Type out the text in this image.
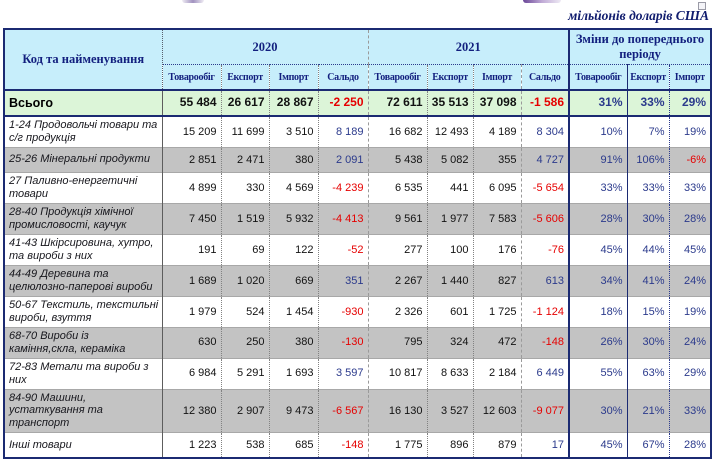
мільйонів доларів США
Код та найменування	2020				2021				Зміни до попереднього періоду		
	Товарообіг	Експорт	Імпорт	Сальдо	Товарообіг	Експорт	Імпорт	Сальдо	Товарообіг	Експорт	Імпорт
Всього	55 484	26 617	28 867	-2 250	72 611	35 513	37 098	-1 586	31%	33%	29%
1-24 Продовольчі товари та с/г продукція	15 209	11 699	3 510	8 189	16 682	12 493	4 189	8 304	10%	7%	19%
25-26 Мінеральні продукти	2 851	2 471	380	2 091	5 438	5 082	355	4 727	91%	106%	-6%
27 Паливно-енергетичні товари	4 899	330	4 569	-4 239	6 535	441	6 095	-5 654	33%	33%	33%
28-40 Продукція хімічної промисловості, каучук	7 450	1 519	5 932	-4 413	9 561	1 977	7 583	-5 606	28%	30%	28%
41-43 Шкірсировина, хутро, та вироби з них	191	69	122	-52	277	100	176	-76	45%	44%	45%
44-49 Деревина та целюлозно-паперові вироби	1 689	1 020	669	351	2 267	1 440	827	613	34%	41%	24%
50-67 Текстиль, текстильні вироби, взуття	1 979	524	1 454	-930	2 326	601	1 725	-1 124	18%	15%	19%
68-70 Вироби із каміння,скла, кераміка	630	250	380	-130	795	324	472	-148	26%	30%	24%
72-83 Метали та вироби з них	6 984	5 291	1 693	3 597	10 817	8 633	2 184	6 449	55%	63%	29%
84-90 Машини, устаткування та транспорт	12 380	2 907	9 473	-6 567	16 130	3 527	12 603	-9 077	30%	21%	33%
Інші товари	1 223	538	685	-148	1 775	896	879	17	45%	67%	28%
